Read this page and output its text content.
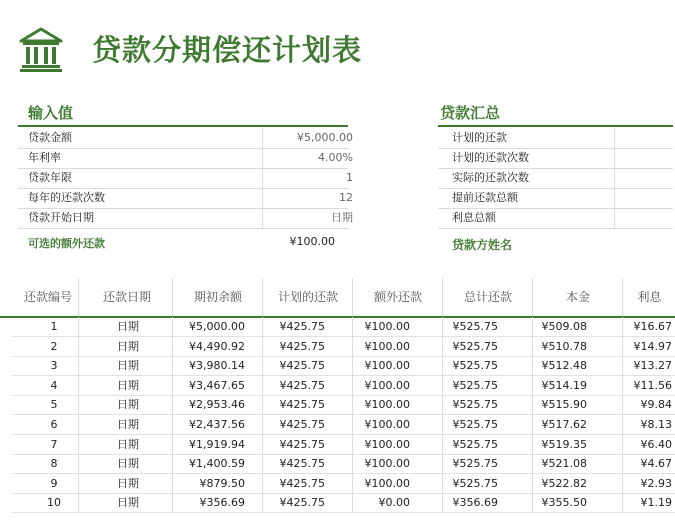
贷款分期偿还计划表
输入值
贷款金额	¥5,000.00
年利率	4.00%
贷款年限	1
每年的还款次数	12
贷款开始日期	日期
可选的额外还款	¥100.00
贷款汇总
计划的还款
计划的还款次数
实际的还款次数
提前还款总额
利息总额
贷款方姓名
还款编号	还款日期	期初余额	计划的还款	额外还款	总计还款	本金	利息
1	日期	¥5,000.00	¥425.75	¥100.00	¥525.75	¥509.08	¥16.67
2	日期	¥4,490.92	¥425.75	¥100.00	¥525.75	¥510.78	¥14.97
3	日期	¥3,980.14	¥425.75	¥100.00	¥525.75	¥512.48	¥13.27
4	日期	¥3,467.65	¥425.75	¥100.00	¥525.75	¥514.19	¥11.56
5	日期	¥2,953.46	¥425.75	¥100.00	¥525.75	¥515.90	¥9.84
6	日期	¥2,437.56	¥425.75	¥100.00	¥525.75	¥517.62	¥8.13
7	日期	¥1,919.94	¥425.75	¥100.00	¥525.75	¥519.35	¥6.40
8	日期	¥1,400.59	¥425.75	¥100.00	¥525.75	¥521.08	¥4.67
9	日期	¥879.50	¥425.75	¥100.00	¥525.75	¥522.82	¥2.93
10	日期	¥356.69	¥425.75	¥0.00	¥356.69	¥355.50	¥1.19
